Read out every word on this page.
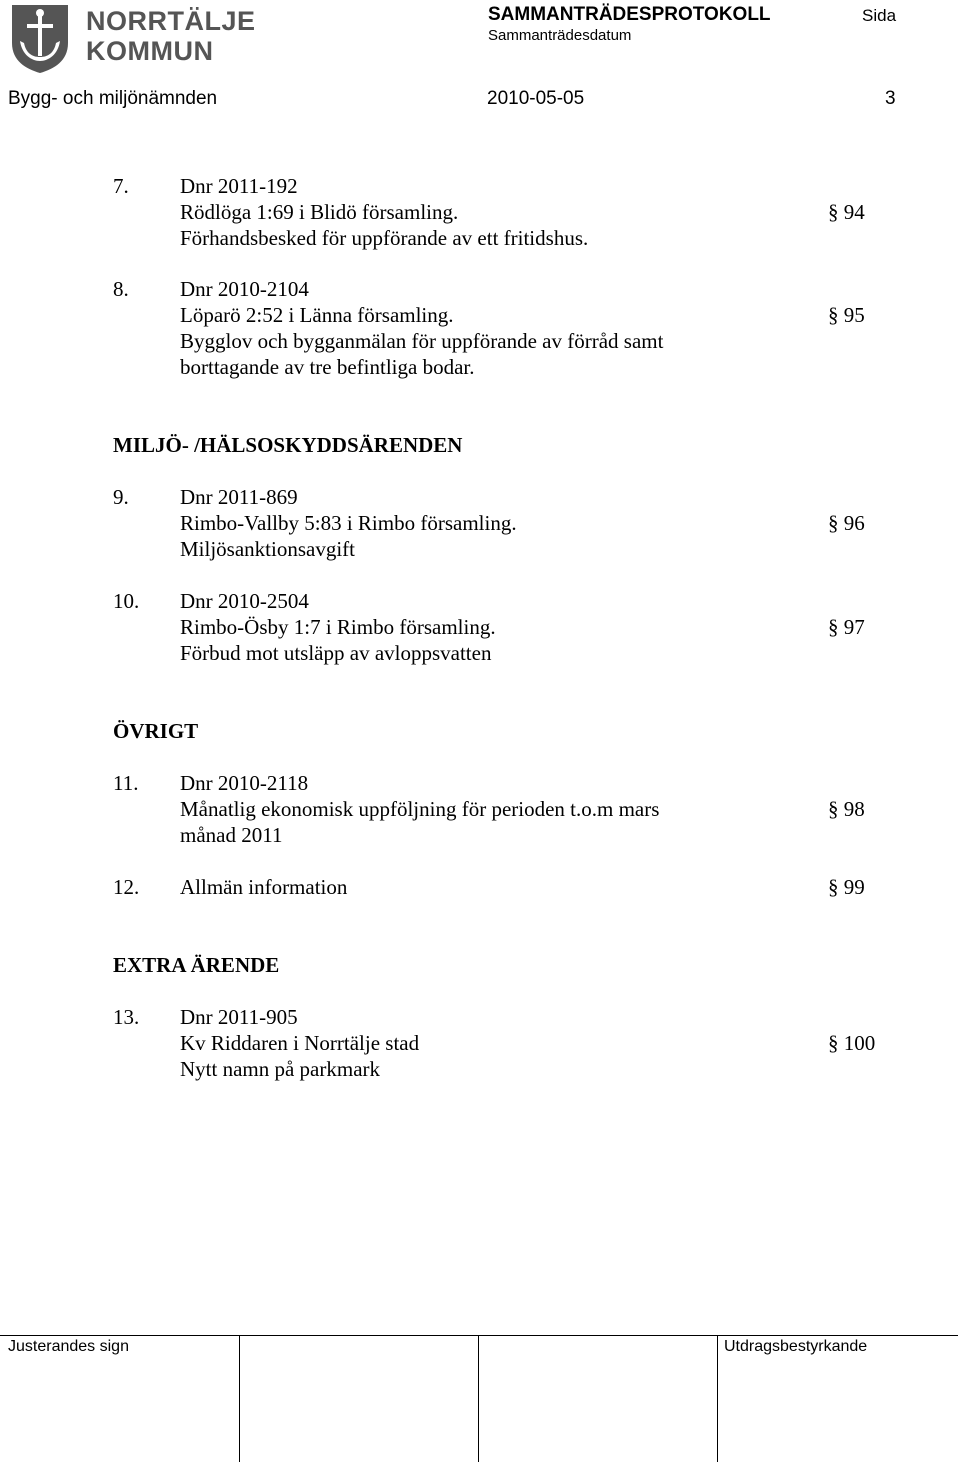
NORRTÄLJE
KOMMUN
SAMMANTRÄDESPROTOKOLL	Sida
Sammanträdesdatum
Bygg- och miljönämnden	2010-05-05	3
7. Dnr 2011-192
Rödlöga 1:69 i Blidö församling.
Förhandsbesked för uppförande av ett fritidshus.
§ 94
8. Dnr 2010-2104
Löparö 2:52 i Länna församling.
Bygglov och bygganmälan för uppförande av förråd samt
borttagande av tre befintliga bodar.
§ 95
MILJÖ- /HÄLSOSKYDDSÄRENDEN
9. Dnr 2011-869
Rimbo-Vallby 5:83 i Rimbo församling.
Miljösanktionsavgift
§ 96
10. Dnr 2010-2504
Rimbo-Ösby 1:7 i Rimbo församling.
Förbud mot utsläpp av avloppsvatten
§ 97
ÖVRIGT
11. Dnr 2010-2118
Månatlig ekonomisk uppföljning för perioden t.o.m mars
månad 2011
§ 98
12. Allmän information	§ 99
EXTRA ÄRENDE
13. Dnr 2011-905
Kv Riddaren i Norrtälje stad
Nytt namn på parkmark
§ 100
Justerandes sign	Utdragsbestyrkande
